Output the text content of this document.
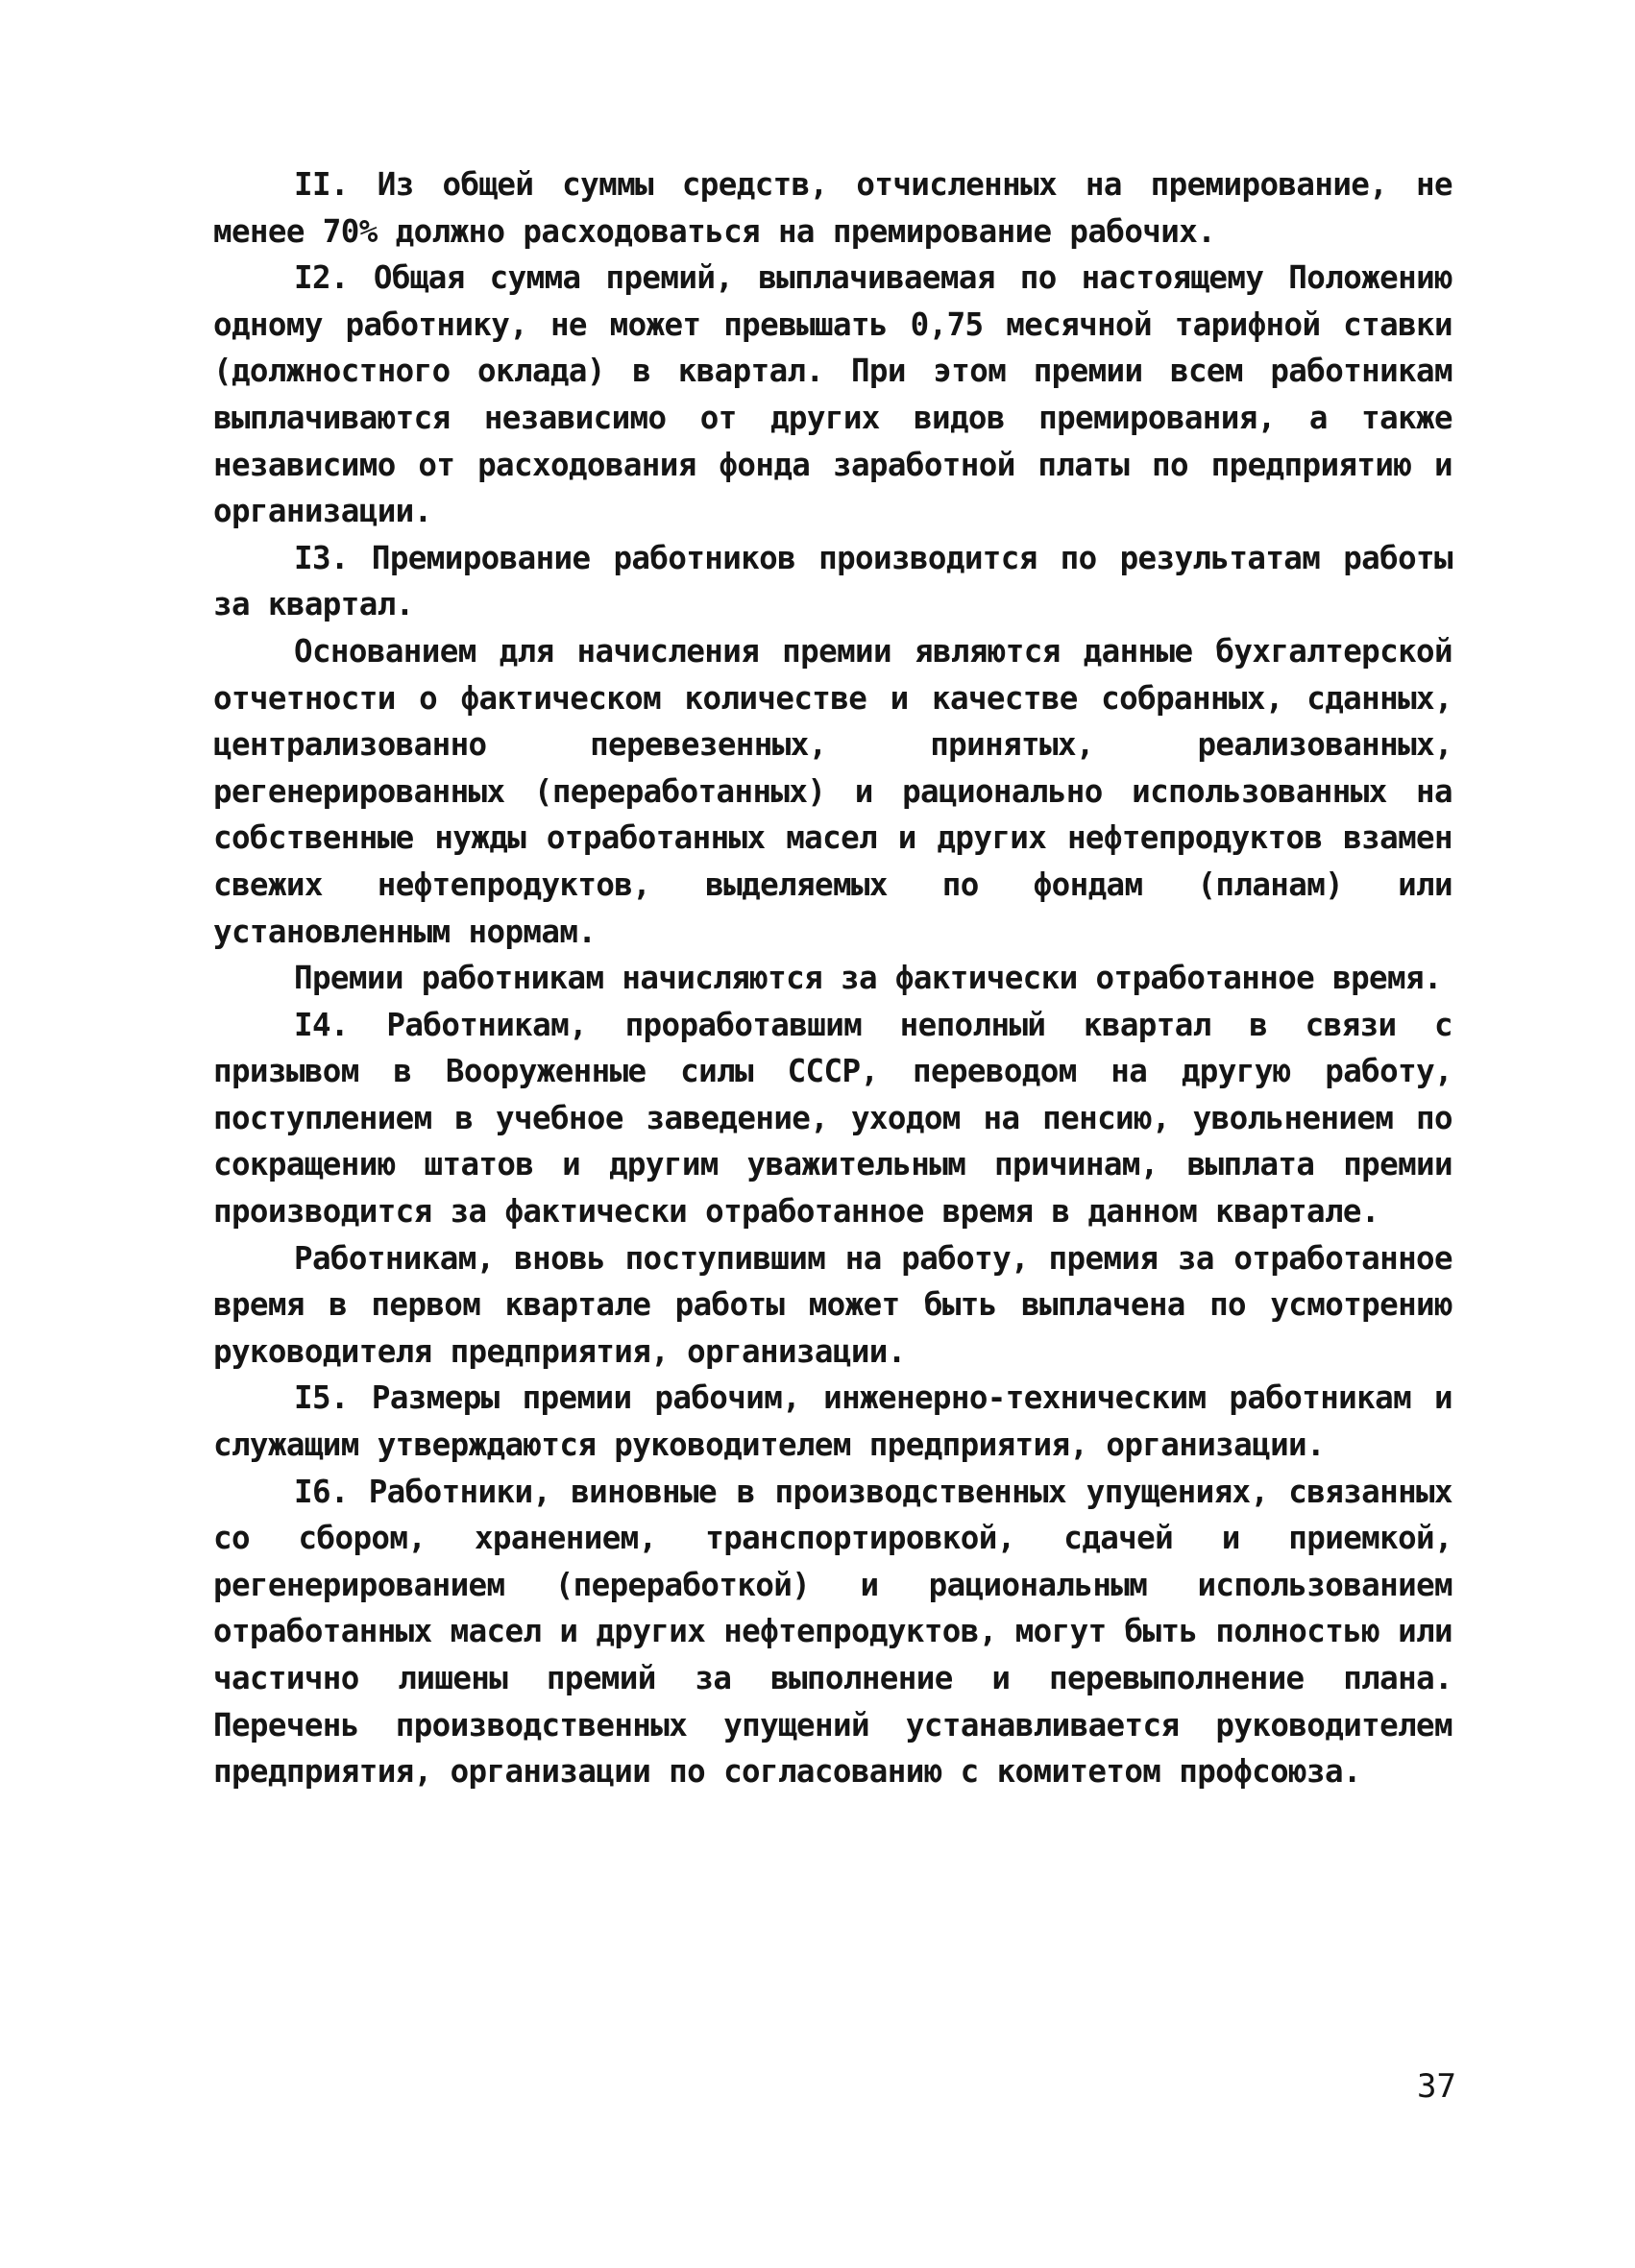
II. Из общей суммы средств, отчисленных на премирование, не менее 70% должно расходоваться на премирование рабочих.

I2. Общая сумма премий, выплачиваемая по настоящему Положению одному работнику, не может превышать 0,75 месячной тарифной ставки (должностного оклада) в квартал. При этом премии всем работникам выплачиваются независимо от других видов премирования, а также независимо от расходования фонда заработной платы по предприятию и организации.

I3. Премирование работников производится по результатам работы за квартал.

Основанием для начисления премии являются данные бухгалтерской отчетности о фактическом количестве и качестве собранных, сданных, централизованно перевезенных, принятых, реализованных, регенерированных (переработанных) и рационально использованных на собственные нужды отработанных масел и других нефтепродуктов взамен свежих нефтепродуктов, выделяемых по фондам (планам) или установленным нормам.

Премии работникам начисляются за фактически отработанное время.

I4. Работникам, проработавшим неполный квартал в связи с призывом в Вооруженные силы СССР, переводом на другую работу, поступлением в учебное заведение, уходом на пенсию, увольнением по сокращению штатов и другим уважительным причинам, выплата премии производится за фактически отработанное время в данном квартале.

Работникам, вновь поступившим на работу, премия за отработанное время в первом квартале работы может быть выплачена по усмотрению руководителя предприятия, организации.

I5. Размеры премии рабочим, инженерно-техническим работникам и служащим утверждаются руководителем предприятия, организации.

I6. Работники, виновные в производственных упущениях, связанных со сбором, хранением, транспортировкой, сдачей и приемкой, регенерированием (переработкой) и рациональным использованием отработанных масел и других нефтепродуктов, могут быть полностью или частично лишены премий за выполнение и перевыполнение плана. Перечень производственных упущений устанавливается руководителем предприятия, организации по согласованию с комитетом профсоюза.

37
